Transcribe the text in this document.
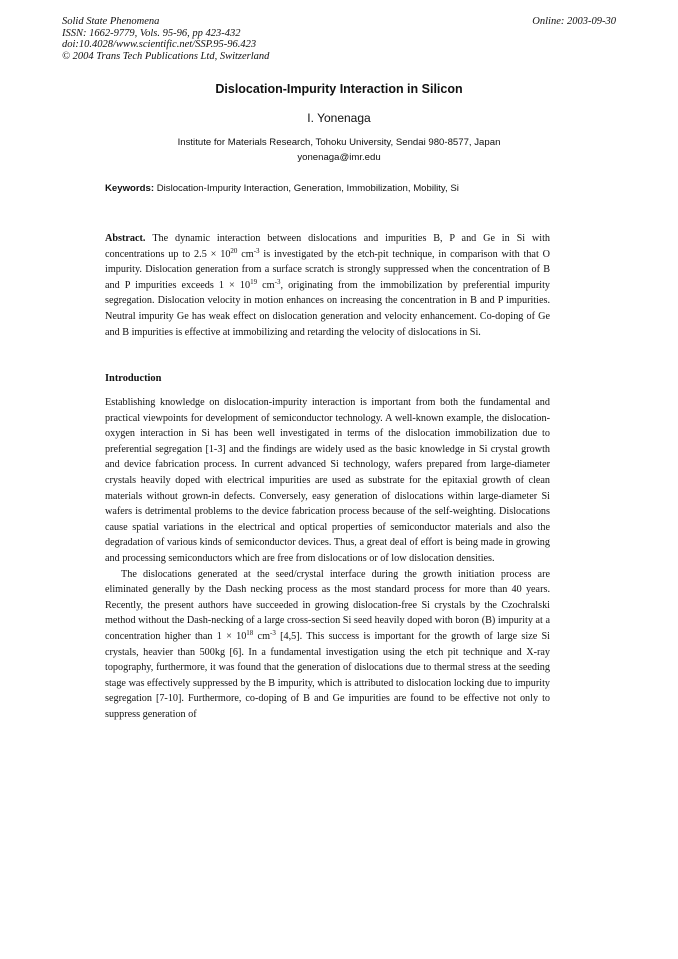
Solid State Phenomena
ISSN: 1662-9779, Vols. 95-96, pp 423-432
doi:10.4028/www.scientific.net/SSP.95-96.423
© 2004 Trans Tech Publications Ltd, Switzerland
Online: 2003-09-30
Dislocation-Impurity Interaction in Silicon
I. Yonenaga
Institute for Materials Research, Tohoku University, Sendai 980-8577, Japan
yonenaga@imr.edu
Keywords: Dislocation-Impurity Interaction, Generation, Immobilization, Mobility, Si
Abstract. The dynamic interaction between dislocations and impurities B, P and Ge in Si with concentrations up to $2.5 \times 10^{20}$ $cm^{-3}$ is investigated by the etch-pit technique, in comparison with that O impurity. Dislocation generation from a surface scratch is strongly suppressed when the concentration of B and P impurities exceeds $1 \times 10^{19}$ $cm^{-3}$, originating from the immobilization by preferential impurity segregation. Dislocation velocity in motion enhances on increasing the concentration in B and P impurities. Neutral impurity Ge has weak effect on dislocation generation and velocity enhancement. Co-doping of Ge and B impurities is effective at immobilizing and retarding the velocity of dislocations in Si.
Introduction

Establishing knowledge on dislocation-impurity interaction is important from both the fundamental and practical viewpoints for development of semiconductor technology. A well-known example, the dislocation-oxygen interaction in Si has been well investigated in terms of the dislocation immobilization due to preferential segregation [1-3] and the findings are widely used as the basic knowledge in Si crystal growth and device fabrication process. In current advanced Si technology, wafers prepared from large-diameter crystals heavily doped with electrical impurities are used as substrate for the epitaxial growth of clean materials without grown-in defects. Conversely, easy generation of dislocations within large-diameter Si wafers is detrimental problems to the device fabrication process because of the self-weighting. Dislocations cause spatial variations in the electrical and optical properties of semiconductor materials and also the degradation of various kinds of semiconductor devices. Thus, a great deal of effort is being made in growing and processing semiconductors which are free from dislocations or of low dislocation densities.

The dislocations generated at the seed/crystal interface during the growth initiation process are eliminated generally by the Dash necking process as the most standard process for more than 40 years. Recently, the present authors have succeeded in growing dislocation-free Si crystals by the Czochralski method without the Dash-necking of a large cross-section Si seed heavily doped with boron (B) impurity at a concentration higher than $1 \times 10^{18}$ $cm^{-3}$ [4,5]. This success is important for the growth of large size Si crystals, heavier than 500kg [6]. In a fundamental investigation using the etch pit technique and X-ray topography, furthermore, it was found that the generation of dislocations due to thermal stress at the seeding stage was effectively suppressed by the B impurity, which is attributed to dislocation locking due to impurity segregation [7-10]. Furthermore, co-doping of B and Ge impurities are found to be effective not only to suppress generation of
